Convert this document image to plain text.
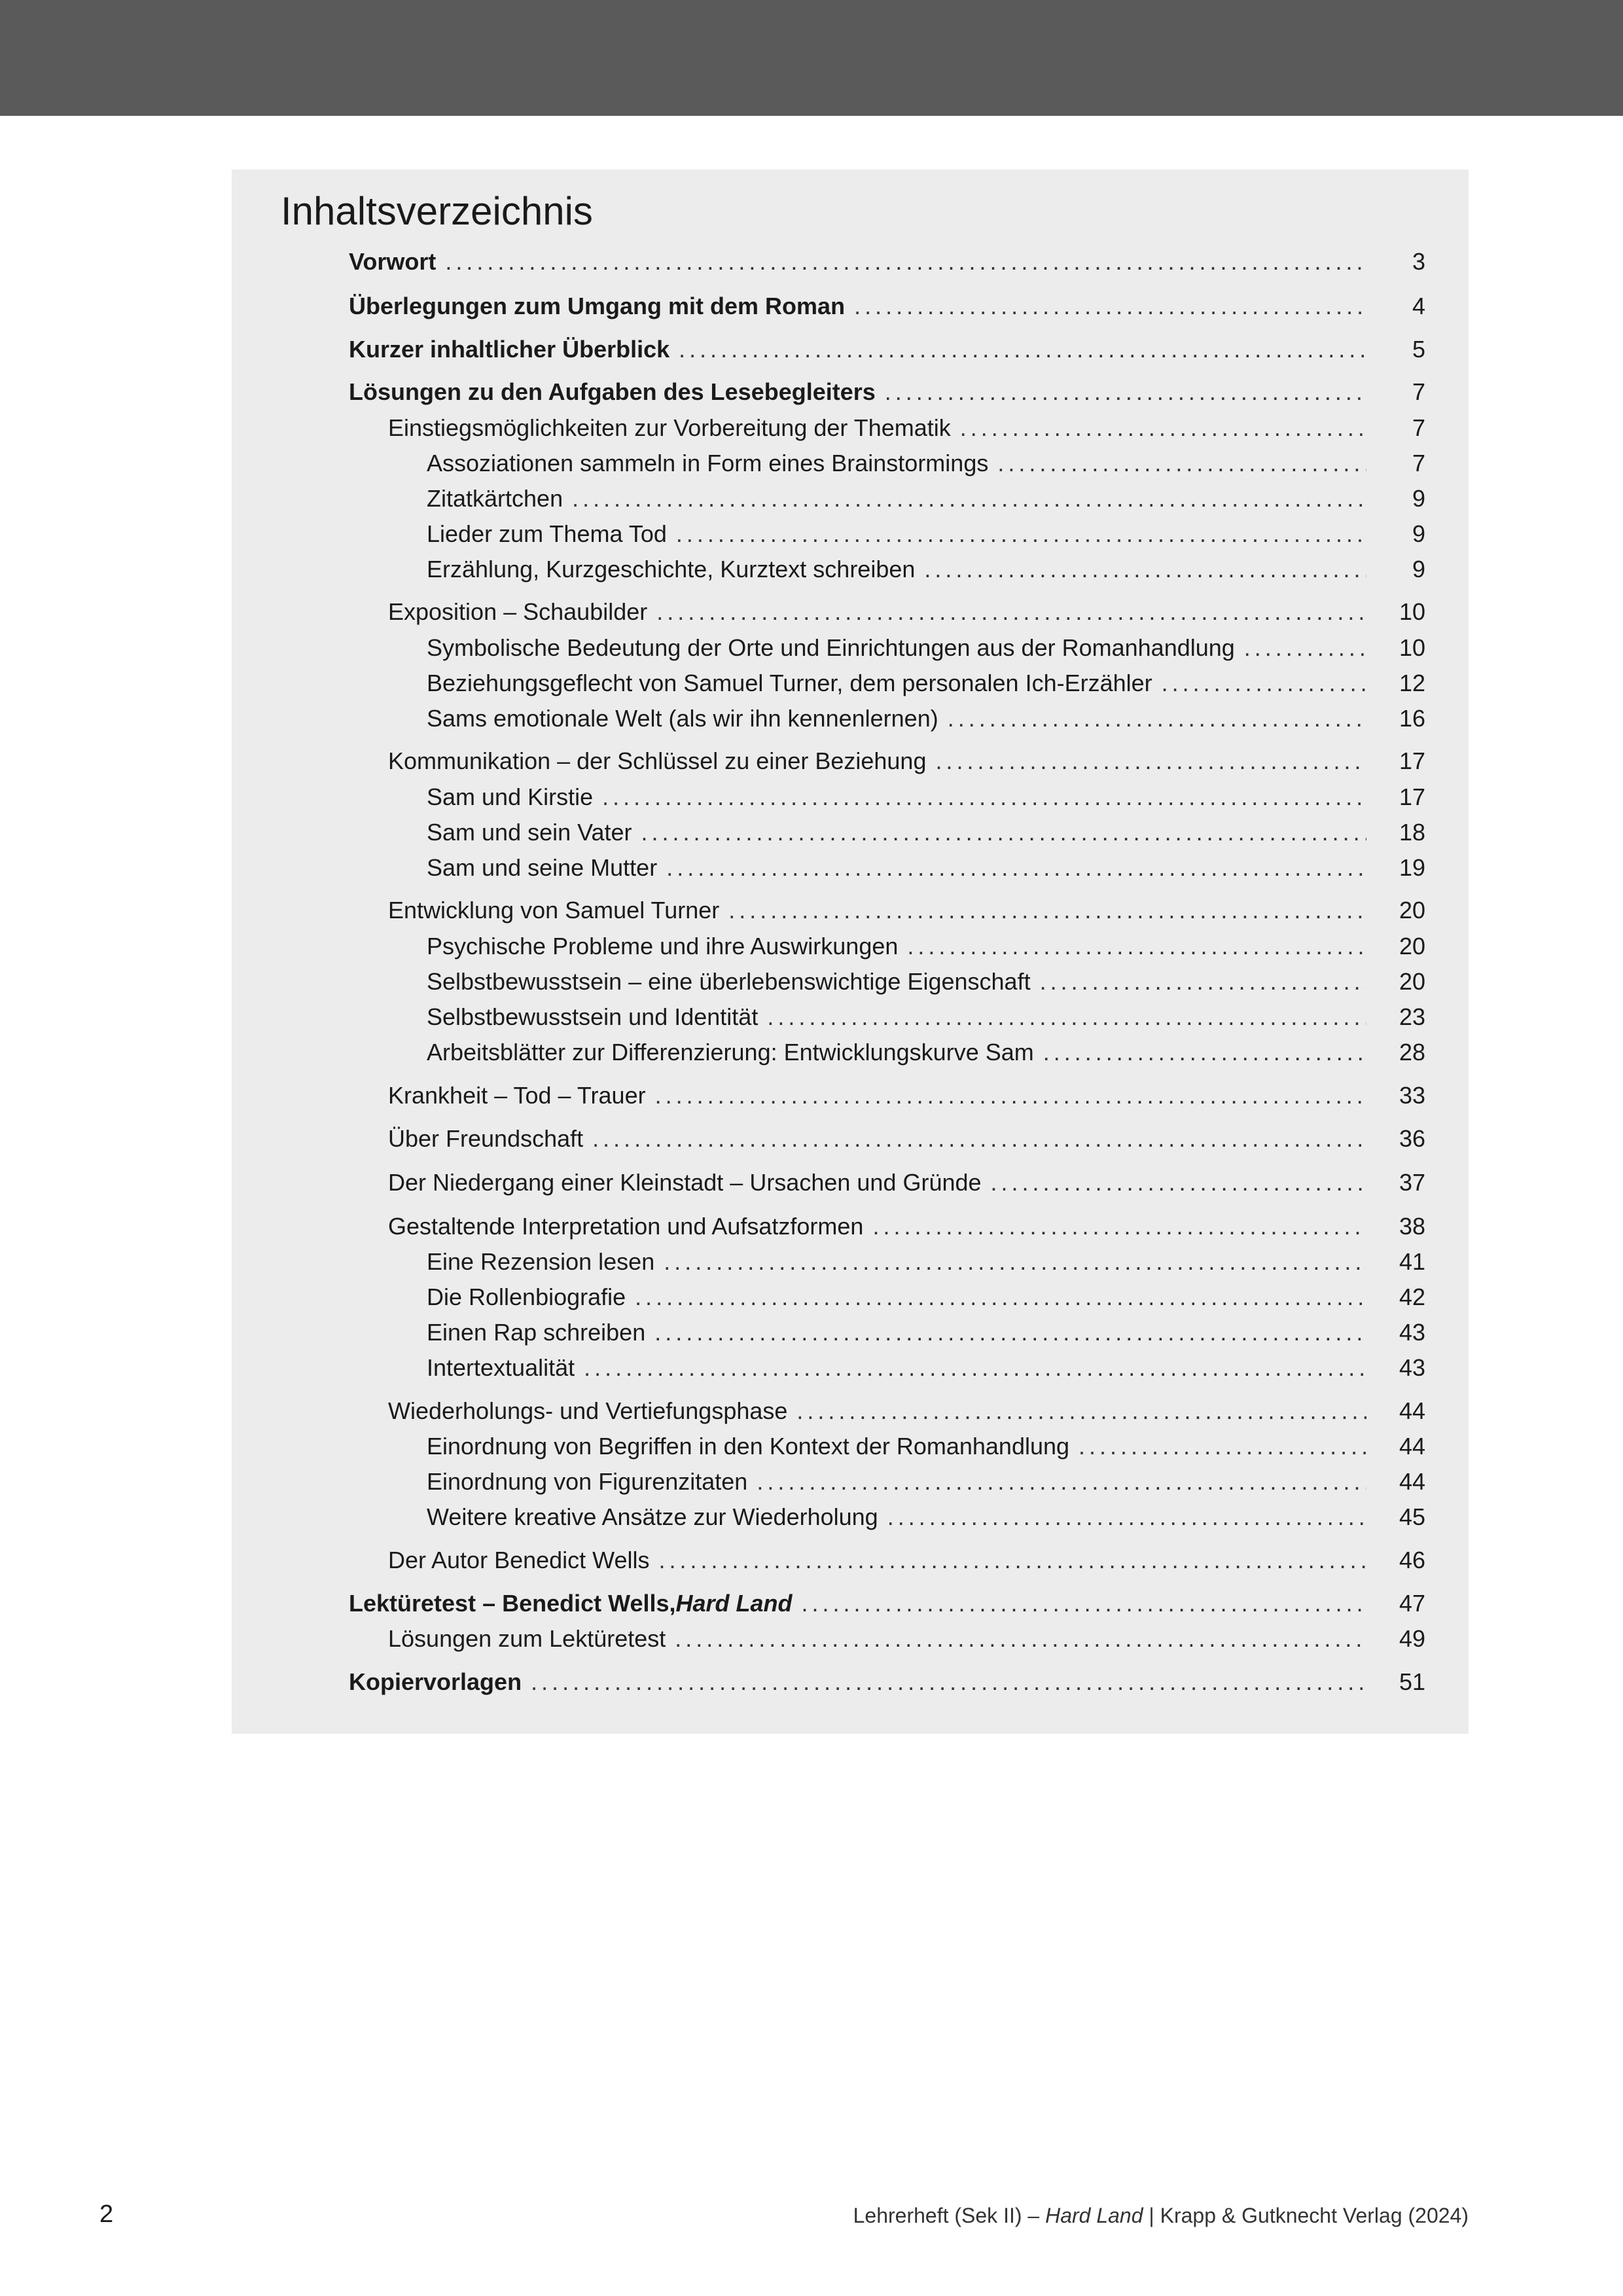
Inhaltsverzeichnis
Vorwort .....	3
Überlegungen zum Umgang mit dem Roman .....	4
Kurzer inhaltlicher Überblick .....	5
Lösungen zu den Aufgaben des Lesebegleiters .....	7
Einstiegsmöglichkeiten zur Vorbereitung der Thematik .....	7
Assoziationen sammeln in Form eines Brainstormings .....	7
Zitatkärtchen .....	9
Lieder zum Thema Tod .....	9
Erzählung, Kurzgeschichte, Kurztext schreiben .....	9
Exposition – Schaubilder .....	10
Symbolische Bedeutung der Orte und Einrichtungen aus der Romanhandlung .....	10
Beziehungsgeflecht von Samuel Turner, dem personalen Ich-Erzähler .....	12
Sams emotionale Welt (als wir ihn kennenlernen) .....	16
Kommunikation – der Schlüssel zu einer Beziehung .....	17
Sam und Kirstie .....	17
Sam und sein Vater .....	18
Sam und seine Mutter .....	19
Entwicklung von Samuel Turner .....	20
Psychische Probleme und ihre Auswirkungen .....	20
Selbstbewusstsein – eine überlebenswichtige Eigenschaft .....	20
Selbstbewusstsein und Identität .....	23
Arbeitsblätter zur Differenzierung: Entwicklungskurve Sam .....	28
Krankheit – Tod – Trauer .....	33
Über Freundschaft .....	36
Der Niedergang einer Kleinstadt – Ursachen und Gründe .....	37
Gestaltende Interpretation und Aufsatzformen .....	38
Eine Rezension lesen .....	41
Die Rollenbiografie .....	42
Einen Rap schreiben .....	43
Intertextualität .....	43
Wiederholungs- und Vertiefungsphase .....	44
Einordnung von Begriffen in den Kontext der Romanhandlung .....	44
Einordnung von Figurenzitaten .....	44
Weitere kreative Ansätze zur Wiederholung .....	45
Der Autor Benedict Wells .....	46
Lektüretest – Benedict Wells, Hard Land .....	47
Lösungen zum Lektüretest .....	49
Kopiervorlagen .....	51
2	Lehrerheft (Sek II) – Hard Land | Krapp & Gutknecht Verlag (2024)
